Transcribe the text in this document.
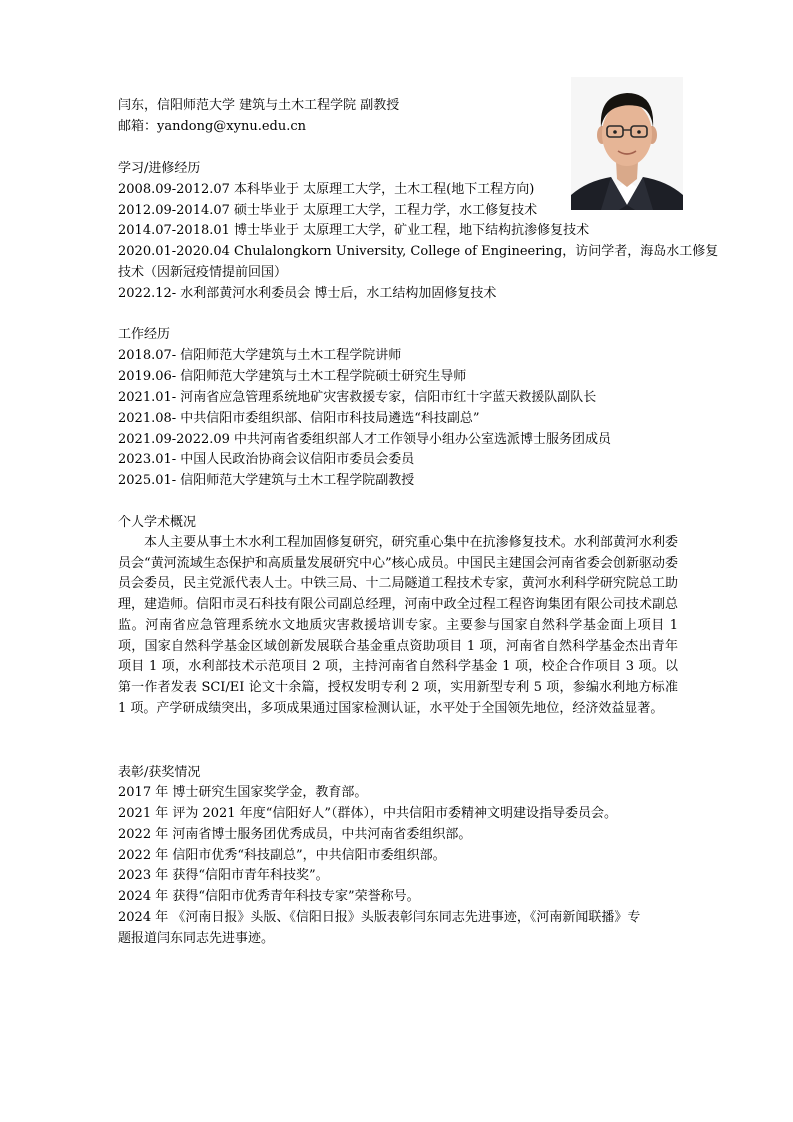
闫东，信阳师范大学 建筑与土木工程学院 副教授
邮箱：yandong@xynu.edu.cn
学习/进修经历
2008.09-2012.07 本科毕业于 太原理工大学，土木工程(地下工程方向)
2012.09-2014.07 硕士毕业于 太原理工大学，工程力学，水工修复技术
2014.07-2018.01 博士毕业于 太原理工大学，矿业工程，地下结构抗渗修复技术
2020.01-2020.04 Chulalongkorn University, College of Engineering，访问学者，海岛水工修复
技术（因新冠疫情提前回国）
2022.12- 水利部黄河水利委员会 博士后，水工结构加固修复技术
工作经历
2018.07- 信阳师范大学建筑与土木工程学院讲师
2019.06- 信阳师范大学建筑与土木工程学院硕士研究生导师
2021.01- 河南省应急管理系统地矿灾害救援专家，信阳市红十字蓝天救援队副队长
2021.08- 中共信阳市委组织部、信阳市科技局遴选“科技副总”
2021.09-2022.09 中共河南省委组织部人才工作领导小组办公室选派博士服务团成员
2023.01- 中国人民政治协商会议信阳市委员会委员
2025.01- 信阳师范大学建筑与土木工程学院副教授
个人学术概况
本人主要从事土木水利工程加固修复研究，研究重心集中在抗渗修复技术。水利部黄河水利委员会“黄河流域生态保护和高质量发展研究中心”核心成员。中国民主建国会河南省委会创新驱动委员会委员，民主党派代表人士。中铁三局、十二局隧道工程技术专家，黄河水利科学研究院总工助理，建造师。信阳市灵石科技有限公司副总经理，河南中政全过程工程咨询集团有限公司技术副总监。河南省应急管理系统水文地质灾害救援培训专家。主要参与国家自然科学基金面上项目 1 项，国家自然科学基金区域创新发展联合基金重点资助项目 1 项，河南省自然科学基金杰出青年项目 1 项，水利部技术示范项目 2 项，主持河南省自然科学基金 1 项，校企合作项目 3 项。以第一作者发表 SCI/EI 论文十余篇，授权发明专利 2 项，实用新型专利 5 项，参编水利地方标准 1 项。产学研成绩突出，多项成果通过国家检测认证，水平处于全国领先地位，经济效益显著。
表彰/获奖情况
2017 年 博士研究生国家奖学金，教育部。
2021 年 评为 2021 年度“信阳好人”（群体），中共信阳市委精神文明建设指导委员会。
2022 年 河南省博士服务团优秀成员，中共河南省委组织部。
2022 年 信阳市优秀“科技副总”，中共信阳市委组织部。
2023 年 获得“信阳市青年科技奖”。
2024 年 获得“信阳市优秀青年科技专家”荣誉称号。
2024 年 《河南日报》头版、《信阳日报》头版表彰闫东同志先进事迹，《河南新闻联播》专
题报道闫东同志先进事迹。
